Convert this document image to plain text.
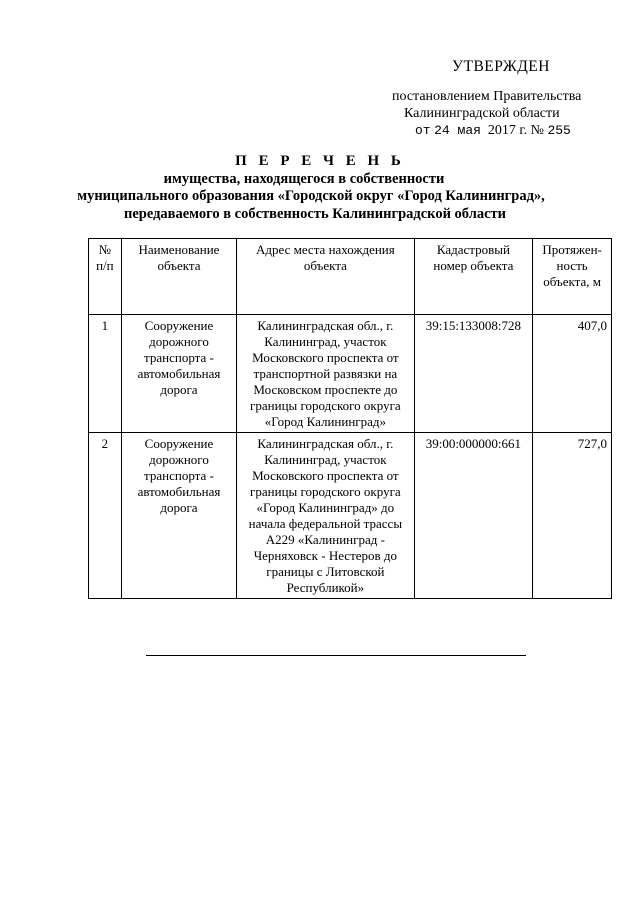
УТВЕРЖДЕН
постановлением Правительства
Калининградской области
от 24 мая 2017 г. № 255
П Е Р Е Ч Е Н Ь
имущества, находящегося в собственности
муниципального образования «Городской округ «Город Калининград»,
передаваемого в собственность Калининградской области
№ п/п	Наименование объекта	Адрес места нахождения объекта	Кадастровый номер объекта	Протяжен-ность объекта, м
1	Сооружение дорожного транспорта - автомобильная дорога	Калининградская обл., г. Калининград, участок Московского проспекта от транспортной развязки на Московском проспекте до границы городского округа «Город Калининград»	39:15:133008:728	407,0
2	Сооружение дорожного транспорта - автомобильная дорога	Калининградская обл., г. Калининград, участок Московского проспекта от границы городского округа «Город Калининград» до начала федеральной трассы А229 «Калининград - Черняховск - Нестеров до границы с Литовской Республикой»	39:00:000000:661	727,0
